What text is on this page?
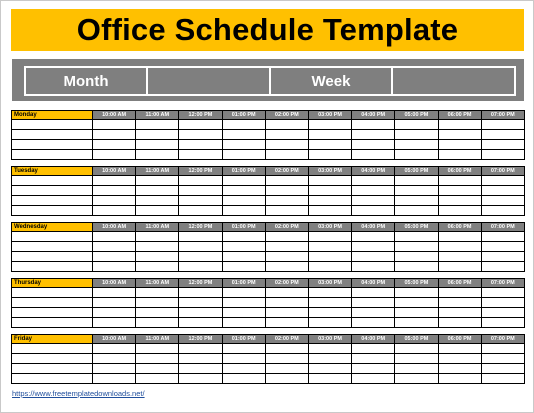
Office Schedule Template
Month	Week
Monday	10:00 AM	11:00 AM	12:00 PM	01:00 PM	02:00 PM	03:00 PM	04:00 PM	05:00 PM	06:00 PM	07:00 PM

Tuesday	10:00 AM	11:00 AM	12:00 PM	01:00 PM	02:00 PM	03:00 PM	04:00 PM	05:00 PM	06:00 PM	07:00 PM

Wednesday	10:00 AM	11:00 AM	12:00 PM	01:00 PM	02:00 PM	03:00 PM	04:00 PM	05:00 PM	06:00 PM	07:00 PM

Thursday	10:00 AM	11:00 AM	12:00 PM	01:00 PM	02:00 PM	03:00 PM	04:00 PM	05:00 PM	06:00 PM	07:00 PM

Friday	10:00 AM	11:00 AM	12:00 PM	01:00 PM	02:00 PM	03:00 PM	04:00 PM	05:00 PM	06:00 PM	07:00 PM

https://www.freetemplatedownloads.net/
